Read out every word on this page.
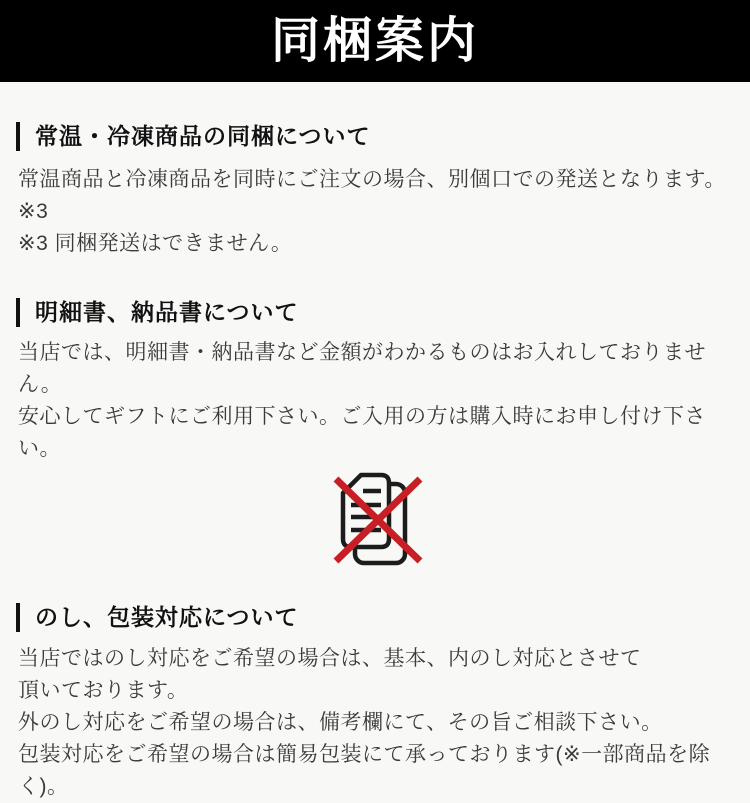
同梱案内
常温・冷凍商品の同梱について

常温商品と冷凍商品を同時にご注文の場合、別個口での発送となります。※3
※3 同梱発送はできません。

明細書、納品書について

当店では、明細書・納品書など金額がわかるものはお入れしておりません。
安心してギフトにご利用下さい。ご入用の方は購入時にお申し付け下さい。

のし、包装対応について

当店ではのし対応をご希望の場合は、基本、内のし対応とさせて
頂いております。
外のし対応をご希望の場合は、備考欄にて、その旨ご相談下さい。
包装対応をご希望の場合は簡易包装にて承っております(※一部商品を除く)。
